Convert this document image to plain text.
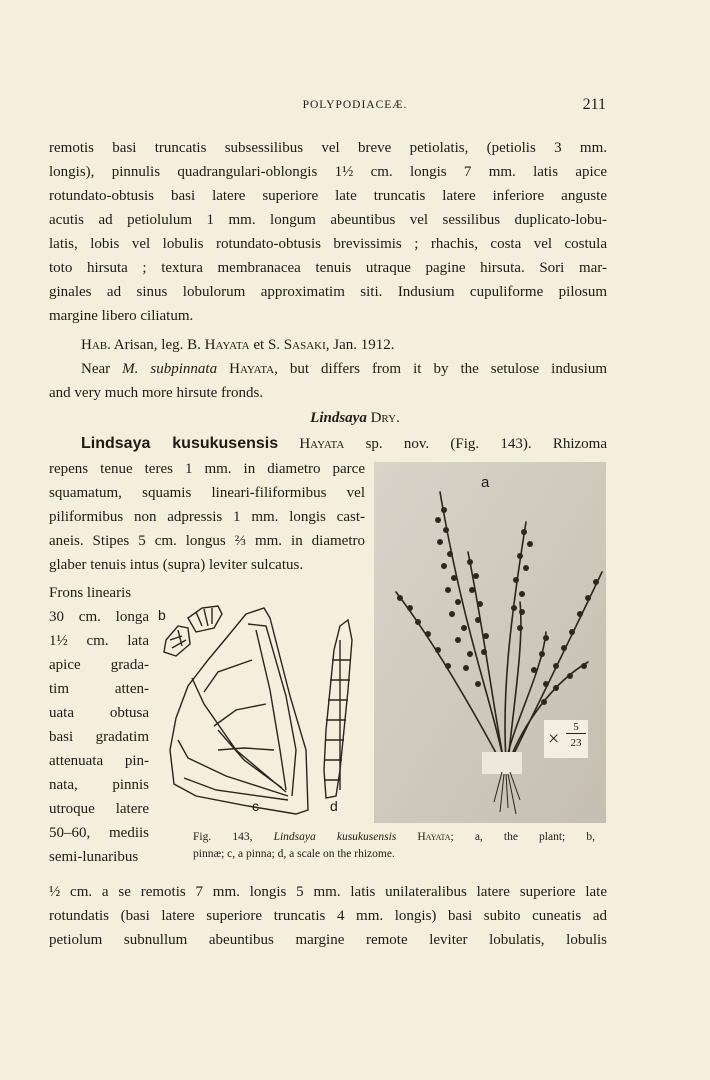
POLYPODIACEÆ.	211
remotis basi truncatis subsessilibus vel breve petiolatis, (petiolis 3 mm.
longis), pinnulis quadrangulari-oblongis 1½ cm. longis 7 mm. latis apice
rotundato-obtusis basi latere superiore late truncatis latere inferiore anguste
acutis ad petiolulum 1 mm. longum abeuntibus vel sessilibus duplicato-lobu-
latis, lobis vel lobulis rotundato-obtusis brevissimis ; rhachis, costa vel costula
toto hirsuta ; textura membranacea tenuis utraque pagine hirsuta. Sori mar-
ginales ad sinus lobulorum approximatim siti. Indusium cupuliforme pilosum
margine libero ciliatum.
Hab. Arisan, leg. B. Hayata et S. Sasaki, Jan. 1912.
Near M. subpinnata Hayata, but differs from it by the setulose indusium
and very much more hirsute fronds.
Lindsaya Dry.
Lindsaya kusukusensis Hayata sp. nov. (Fig. 143). Rhizoma
repens tenue teres 1 mm. in diametro parce
squamatum, squamis lineari-filiformibus vel
piliformibus non adpressis 1 mm. longis cast-
aneis. Stipes 5 cm. longus ⅔ mm. in diametro
glaber tenuis intus (supra) leviter sulcatus.
Frons linearis
30 cm. longa
1½ cm. lata
apice grada-
tim atten-
uata obtusa
basi gradatim
attenuata pin-
nata, pinnis
utroque latere
50–60, mediis
semi-lunaribus
b
c	d
a
×
5
23
Fig. 143, Lindsaya kusukusensis Hayata; a, the plant; b,
pinnæ; c, a pinna; d, a scale on the rhizome.
½ cm. a se remotis 7 mm. longis 5 mm. latis unilateralibus latere superiore late
rotundatis (basi latere superiore truncatis 4 mm. longis) basi subito cuneatis ad
petiolum subnullum abeuntibus margine remote leviter lobulatis, lobulis
